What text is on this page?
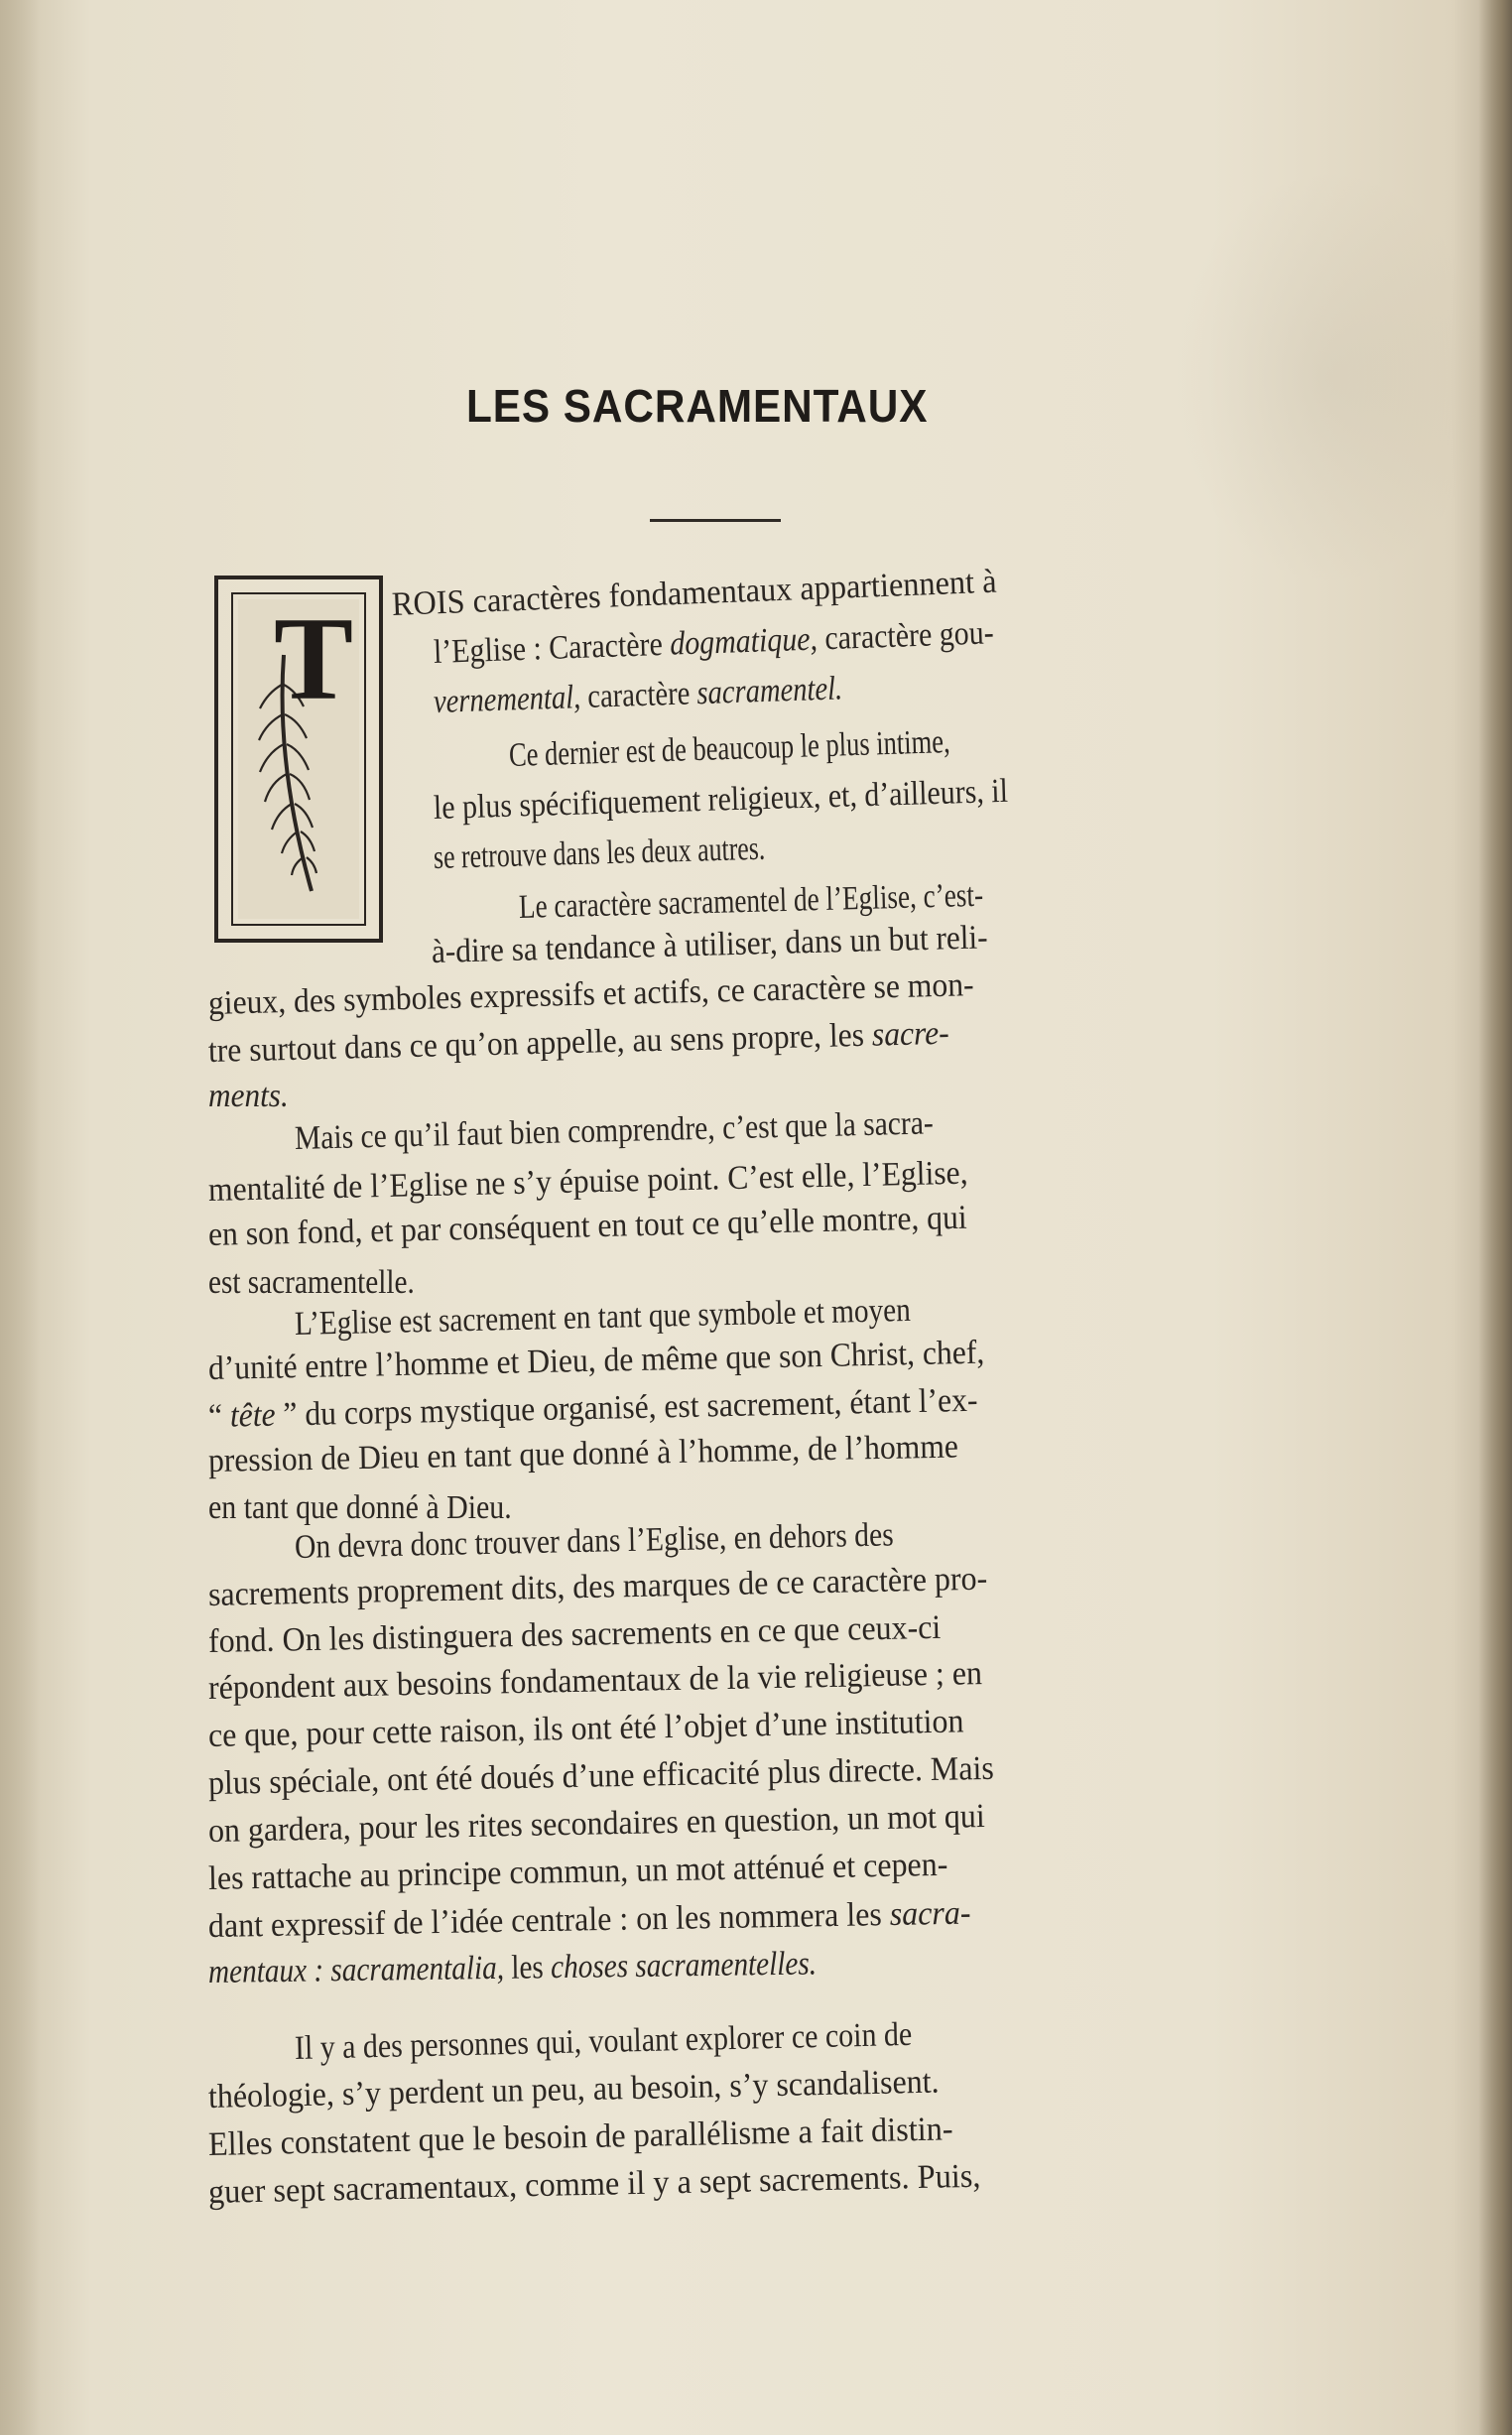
LES SACRAMENTAUX
T ROIS caractères fondamentaux appartiennent à
l’Eglise : Caractère dogmatique, caractère gou-
vernemental, caractère sacramentel.
Ce dernier est de beaucoup le plus intime,
le plus spécifiquement religieux, et, d’ailleurs, il
se retrouve dans les deux autres.
Le caractère sacramentel de l’Eglise, c’est-
à-dire sa tendance à utiliser, dans un but reli-
gieux, des symboles expressifs et actifs, ce caractère se mon-
tre surtout dans ce qu’on appelle, au sens propre, les sacre-
ments.
Mais ce qu’il faut bien comprendre, c’est que la sacra-
mentalité de l’Eglise ne s’y épuise point. C’est elle, l’Eglise,
en son fond, et par conséquent en tout ce qu’elle montre, qui
est sacramentelle.
L’Eglise est sacrement en tant que symbole et moyen
d’unité entre l’homme et Dieu, de même que son Christ, chef,
“ tête ” du corps mystique organisé, est sacrement, étant l’ex-
pression de Dieu en tant que donné à l’homme, de l’homme
en tant que donné à Dieu.
On devra donc trouver dans l’Eglise, en dehors des
sacrements proprement dits, des marques de ce caractère pro-
fond. On les distinguera des sacrements en ce que ceux-ci
répondent aux besoins fondamentaux de la vie religieuse ; en
ce que, pour cette raison, ils ont été l’objet d’une institution
plus spéciale, ont été doués d’une efficacité plus directe. Mais
on gardera, pour les rites secondaires en question, un mot qui
les rattache au principe commun, un mot atténué et cepen-
dant expressif de l’idée centrale : on les nommera les sacra-
mentaux : sacramentalia, les choses sacramentelles.
Il y a des personnes qui, voulant explorer ce coin de
théologie, s’y perdent un peu, au besoin, s’y scandalisent.
Elles constatent que le besoin de parallélisme a fait distin-
guer sept sacramentaux, comme il y a sept sacrements. Puis,
